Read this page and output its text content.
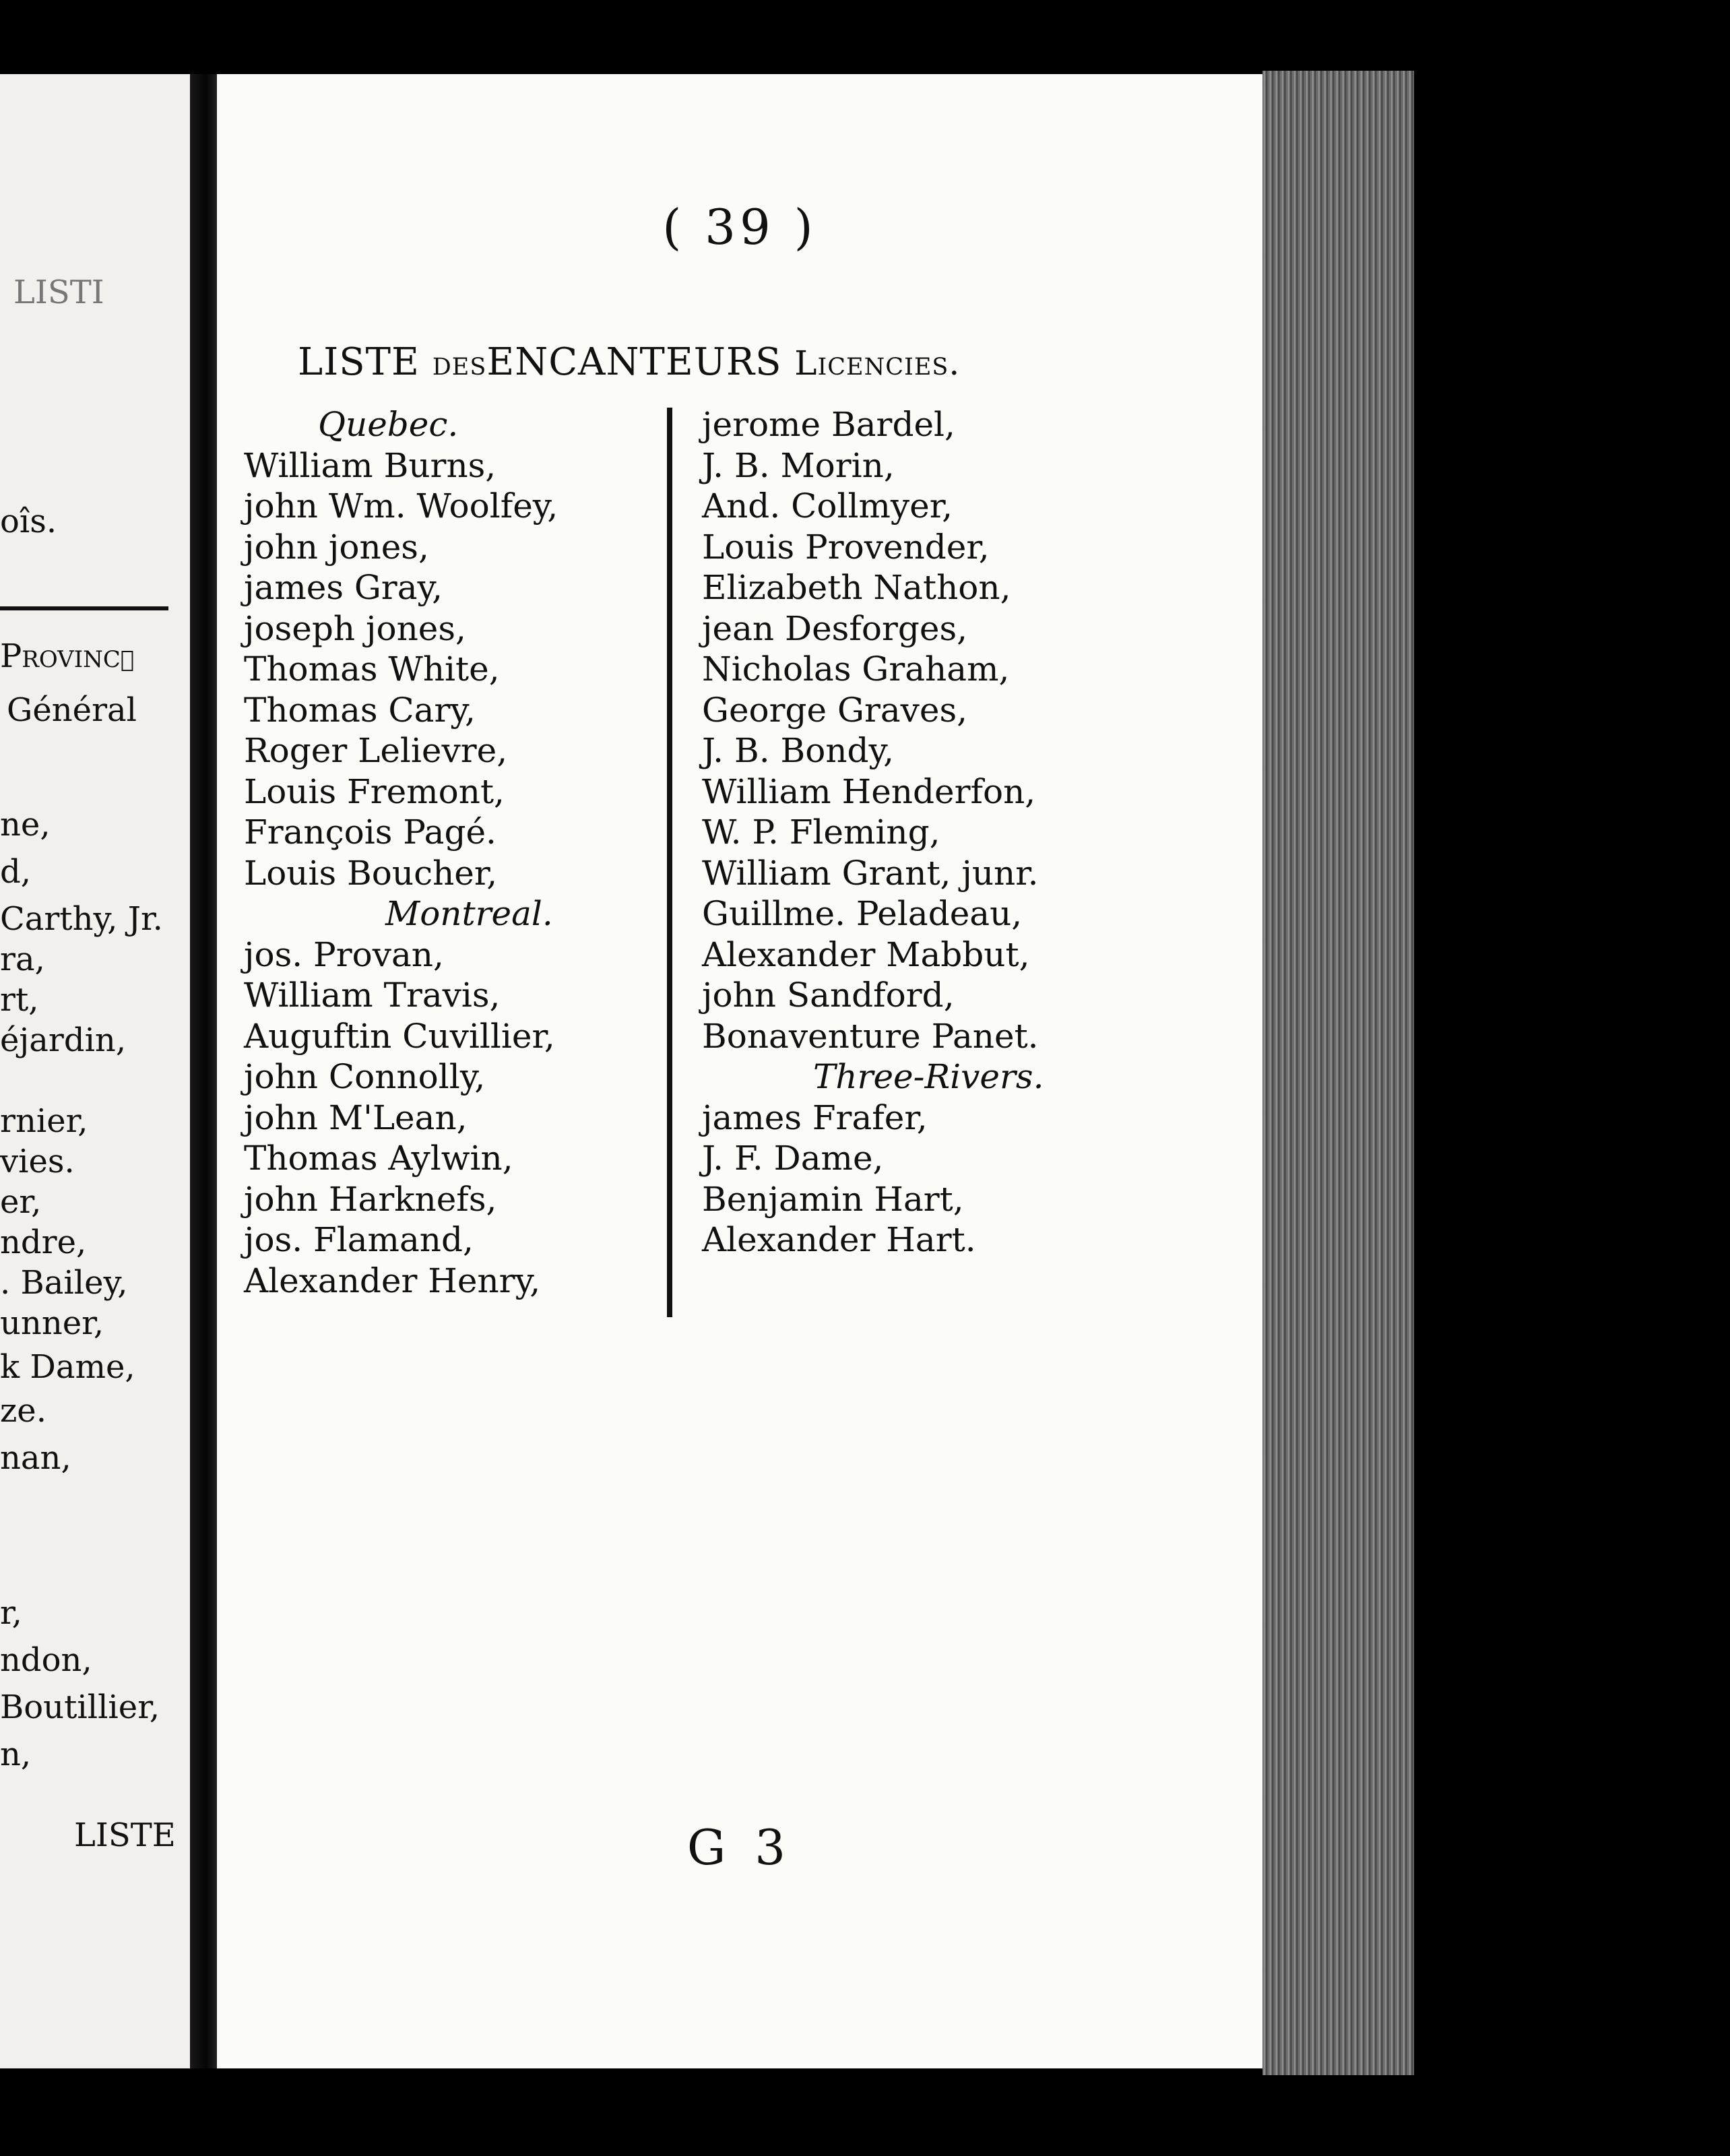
LISTI
oîs.
Provincɪ
Général
ne,
d,
Carthy, Jr.
ra,
rt,
éjardin,
rnier,
vies.
er,
ndre,
. Bailey,
unner,
k Dame,
ze.
nan,
r,
ndon,
Boutillier,
n,
LISTE
( 39 )
LISTE desENCANTEURS Licencies.
Quebec.
William Burns,
john Wm. Woolfey,
john jones,
james Gray,
joseph jones,
Thomas White,
Thomas Cary,
Roger Lelievre,
Louis Fremont,
François Pagé.
Louis Boucher,
Montreal.
jos. Provan,
William Travis,
Auguftin Cuvillier,
john Connolly,
john M'Lean,
Thomas Aylwin,
john Harknefs,
jos. Flamand,
Alexander Henry,
jerome Bardel,
J. B. Morin,
And. Collmyer,
Louis Provender,
Elizabeth Nathon,
jean Desforges,
Nicholas Graham,
George Graves,
J. B. Bondy,
William Henderfon,
W. P. Fleming,
William Grant, junr.
Guillme. Peladeau,
Alexander Mabbut,
john Sandford,
Bonaventure Panet.
Three-Rivers.
james Frafer,
J. F. Dame,
Benjamin Hart,
Alexander Hart.
G 3
